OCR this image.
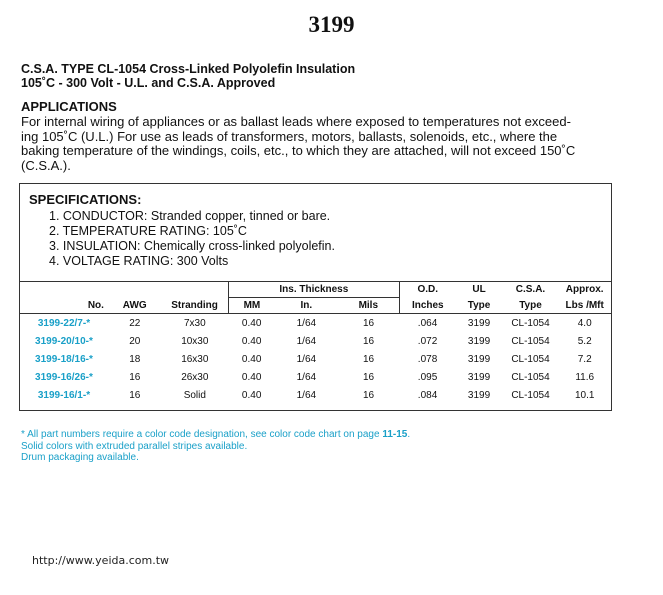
3199
C.S.A. TYPE CL-1054 Cross-Linked Polyolefin Insulation
105˚C - 300 Volt - U.L. and C.S.A. Approved
APPLICATIONS
For internal wiring of appliances or as ballast leads where exposed to temperatures not exceed-
ing 105˚C (U.L.) For use as leads of transformers, motors, ballasts, solenoids, etc., where the
baking temperature of the windings, coils, etc., to which they are attached, will not exceed 150˚C
(C.S.A.).
SPECIFICATIONS:
1. CONDUCTOR: Stranded copper, tinned or bare.
2. TEMPERATURE RATING: 105˚C
3. INSULATION: Chemically cross-linked polyolefin.
4. VOLTAGE RATING: 300 Volts
			Ins. Thickness			O.D.	UL	C.S.A.	Approx.
No.	AWG	Stranding	MM	In.	Mils	Inches	Type	Type	Lbs /Mft
3199-22/7-*	22	7x30	0.40	1/64	16	.064	3199	CL-1054	4.0
3199-20/10-*	20	10x30	0.40	1/64	16	.072	3199	CL-1054	5.2
3199-18/16-*	18	16x30	0.40	1/64	16	.078	3199	CL-1054	7.2
3199-16/26-*	16	26x30	0.40	1/64	16	.095	3199	CL-1054	11.6
3199-16/1-*	16	Solid	0.40	1/64	16	.084	3199	CL-1054	10.1
* All part numbers require a color code designation, see color code chart on page 11-15.
Solid colors with extruded parallel stripes available.
Drum packaging available.
http://www.yeida.com.tw
